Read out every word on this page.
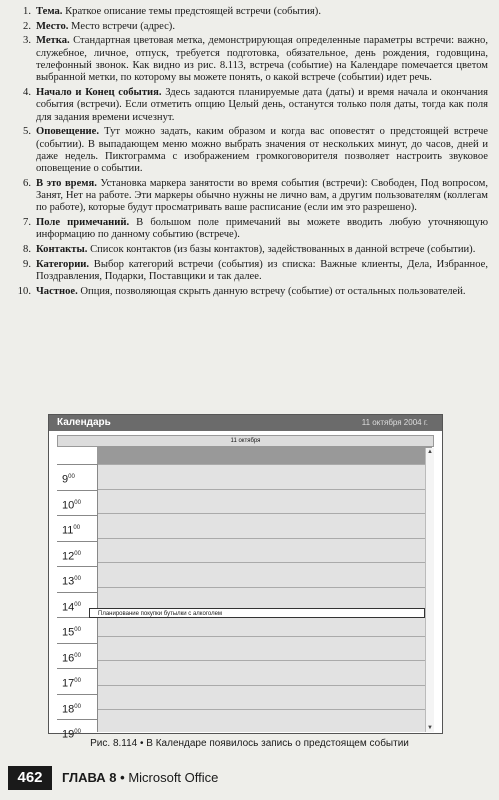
1. Тема. Краткое описание темы предстоящей встречи (события).
2. Место. Место встречи (адрес).
3. Метка. Стандартная цветовая метка, демонстрирующая определенные параметры встречи: важно, служебное, личное, отпуск, требуется подготовка, обязательное, день рождения, годовщина, телефонный звонок. Как видно из рис. 8.113, встреча (событие) на Календаре помечается цветом выбранной метки, по которому вы можете понять, о какой встрече (событии) идет речь.
4. Начало и Конец события. Здесь задаются планируемые дата (даты) и время начала и окончания события (встречи). Если отметить опцию Целый день, останутся только поля даты, тогда как поля для задания времени исчезнут.
5. Оповещение. Тут можно задать, каким образом и когда вас оповестят о предстоящей встрече (событии). В выпадающем меню можно выбрать значения от нескольких минут, до часов, дней и даже недель. Пиктограмма с изображением громкоговорителя позволяет настроить звуковое оповещение о событии.
6. В это время. Установка маркера занятости во время события (встречи): Свободен, Под вопросом, Занят, Нет на работе. Эти маркеры обычно нужны не лично вам, а другим пользователям (коллегам по работе), которые будут просматривать ваше расписание (если им это разрешено).
7. Поле примечаний. В большом поле примечаний вы можете вводить любую уточняющую информацию по данному событию (встрече).
8. Контакты. Список контактов (из базы контактов), задействованных в данной встрече (событии).
9. Категории. Выбор категорий встречи (события) из списка: Важные клиенты, Дела, Избранное, Поздравления, Подарки, Поставщики и так далее.
10. Частное. Опция, позволяющая скрыть данную встречу (событие) от остальных пользователей.
Календарь	11 октября 2004 г.
11 октября
$9^{00}$
$10^{00}$
$11^{00}$
$12^{00}$
$13^{00}$
$14^{00}$
$15^{00}$
$16^{00}$
$17^{00}$
$18^{00}$
$19^{00}$
Планирование покупки бутылки с алкоголем
▲
▼
Рис. 8.114 • В Календаре появилось запись о предстоящем событии
462	ГЛАВА 8 • Microsoft Office
